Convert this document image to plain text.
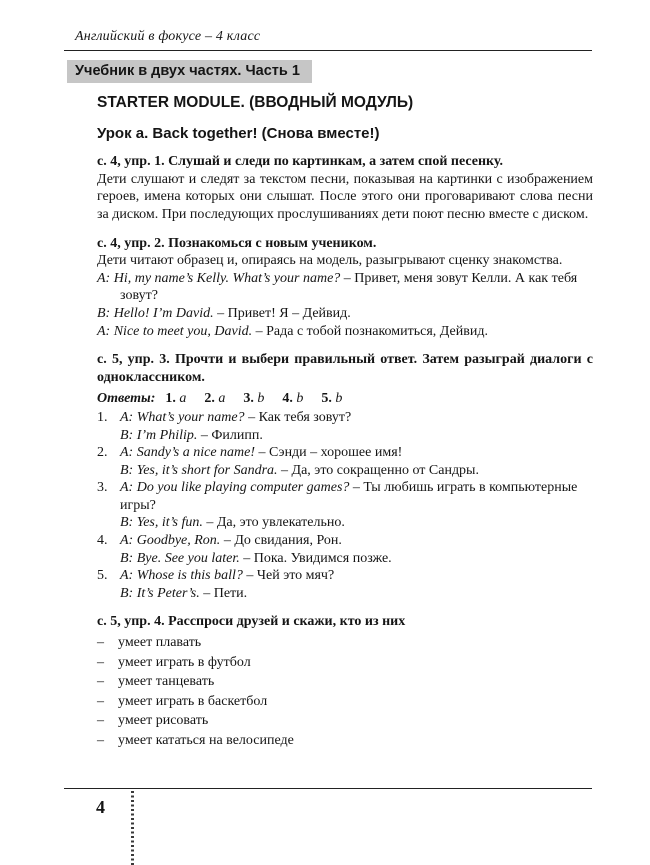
Английский в фокусе – 4 класс
Учебник в двух частях. Часть 1
STARTER MODULE. (ВВОДНЫЙ МОДУЛЬ)
Урок a. Back together! (Снова вместе!)

с. 4, упр. 1. Слушай и следи по картинкам, а затем спой песенку.

Дети слушают и следят за текстом песни, показывая на картинки с изображением героев, имена которых они слышат. После этого они проговаривают слова песни за диском. При последующих прослушиваниях дети поют песню вместе с диском.

с. 4, упр. 2. Познакомься с новым учеником.

Дети читают образец и, опираясь на модель, разыгрывают сценку знакомства.

A: Hi, my name’s Kelly. What’s your name? – Привет, меня зовут Келли. А как тебя зовут?

B: Hello! I’m David. – Привет! Я – Дейвид.

A: Nice to meet you, David. – Рада с тобой познакомиться, Дейвид.

с. 5, упр. 3. Прочти и выбери правильный ответ. Затем разыграй диалоги с одноклассником.

Ответы: 1. a 2. a 3. b 4. b 5. b

1. A: What’s your name? – Как тебя зовут?

B: I’m Philip. – Филипп.

2. A: Sandy’s a nice name! – Сэнди – хорошее имя!

B: Yes, it’s short for Sandra. – Да, это сокращенно от Сандры.

3. A: Do you like playing computer games? – Ты любишь играть в компьютерные игры?

B: Yes, it’s fun. – Да, это увлекательно.

4. A: Goodbye, Ron. – До свидания, Рон.

B: Bye. See you later. – Пока. Увидимся позже.

5. A: Whose is this ball? – Чей это мяч?

B: It’s Peter’s. – Пети.

с. 5, упр. 4. Расспроси друзей и скажи, кто из них

– умеет плавать

– умеет играть в футбол

– умеет танцевать

– умеет играть в баскетбол

– умеет рисовать

– умеет кататься на велосипеде

4
